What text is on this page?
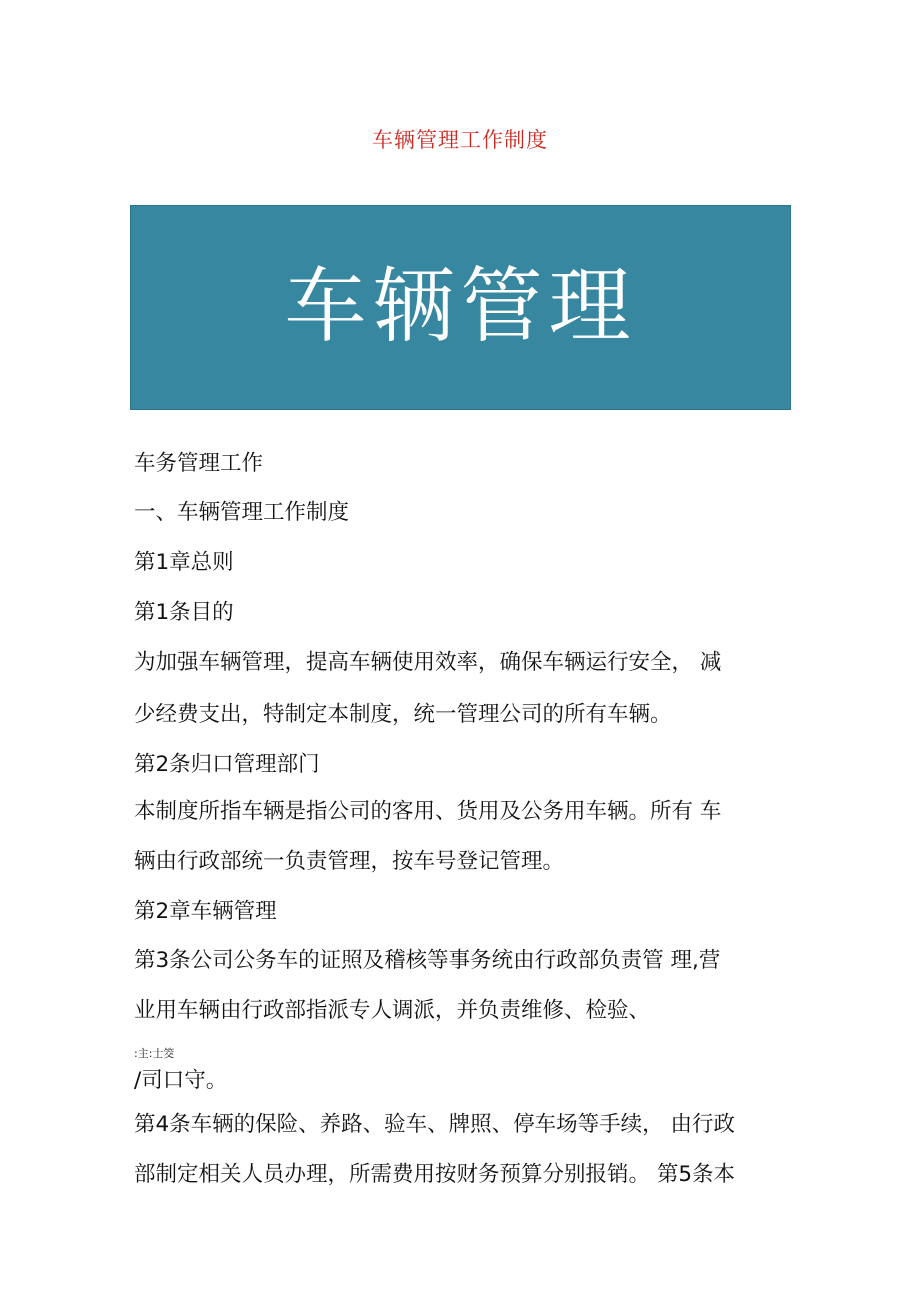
车辆管理工作制度
车辆管理
车务管理工作
一、车辆管理工作制度
第1章总则
第1条目的
为加强车辆管理，提高车辆使用效率，确保车辆运行安全， 减
少经费支出，特制定本制度，统一管理公司的所有车辆。
第2条归口管理部门
本制度所指车辆是指公司的客用、货用及公务用车辆。所有 车
辆由行政部统一负责管理，按车号登记管理。
第2章车辆管理
第3条公司公务车的证照及稽核等事务统由行政部负责管 理,营
业用车辆由行政部指派专人调派，并负责维修、检验、
:主:士筊
/司口守。
第4条车辆的保险、养路、验车、牌照、停车场等手续， 由行政
部制定相关人员办理，所需费用按财务预算分别报销。 第5条本
